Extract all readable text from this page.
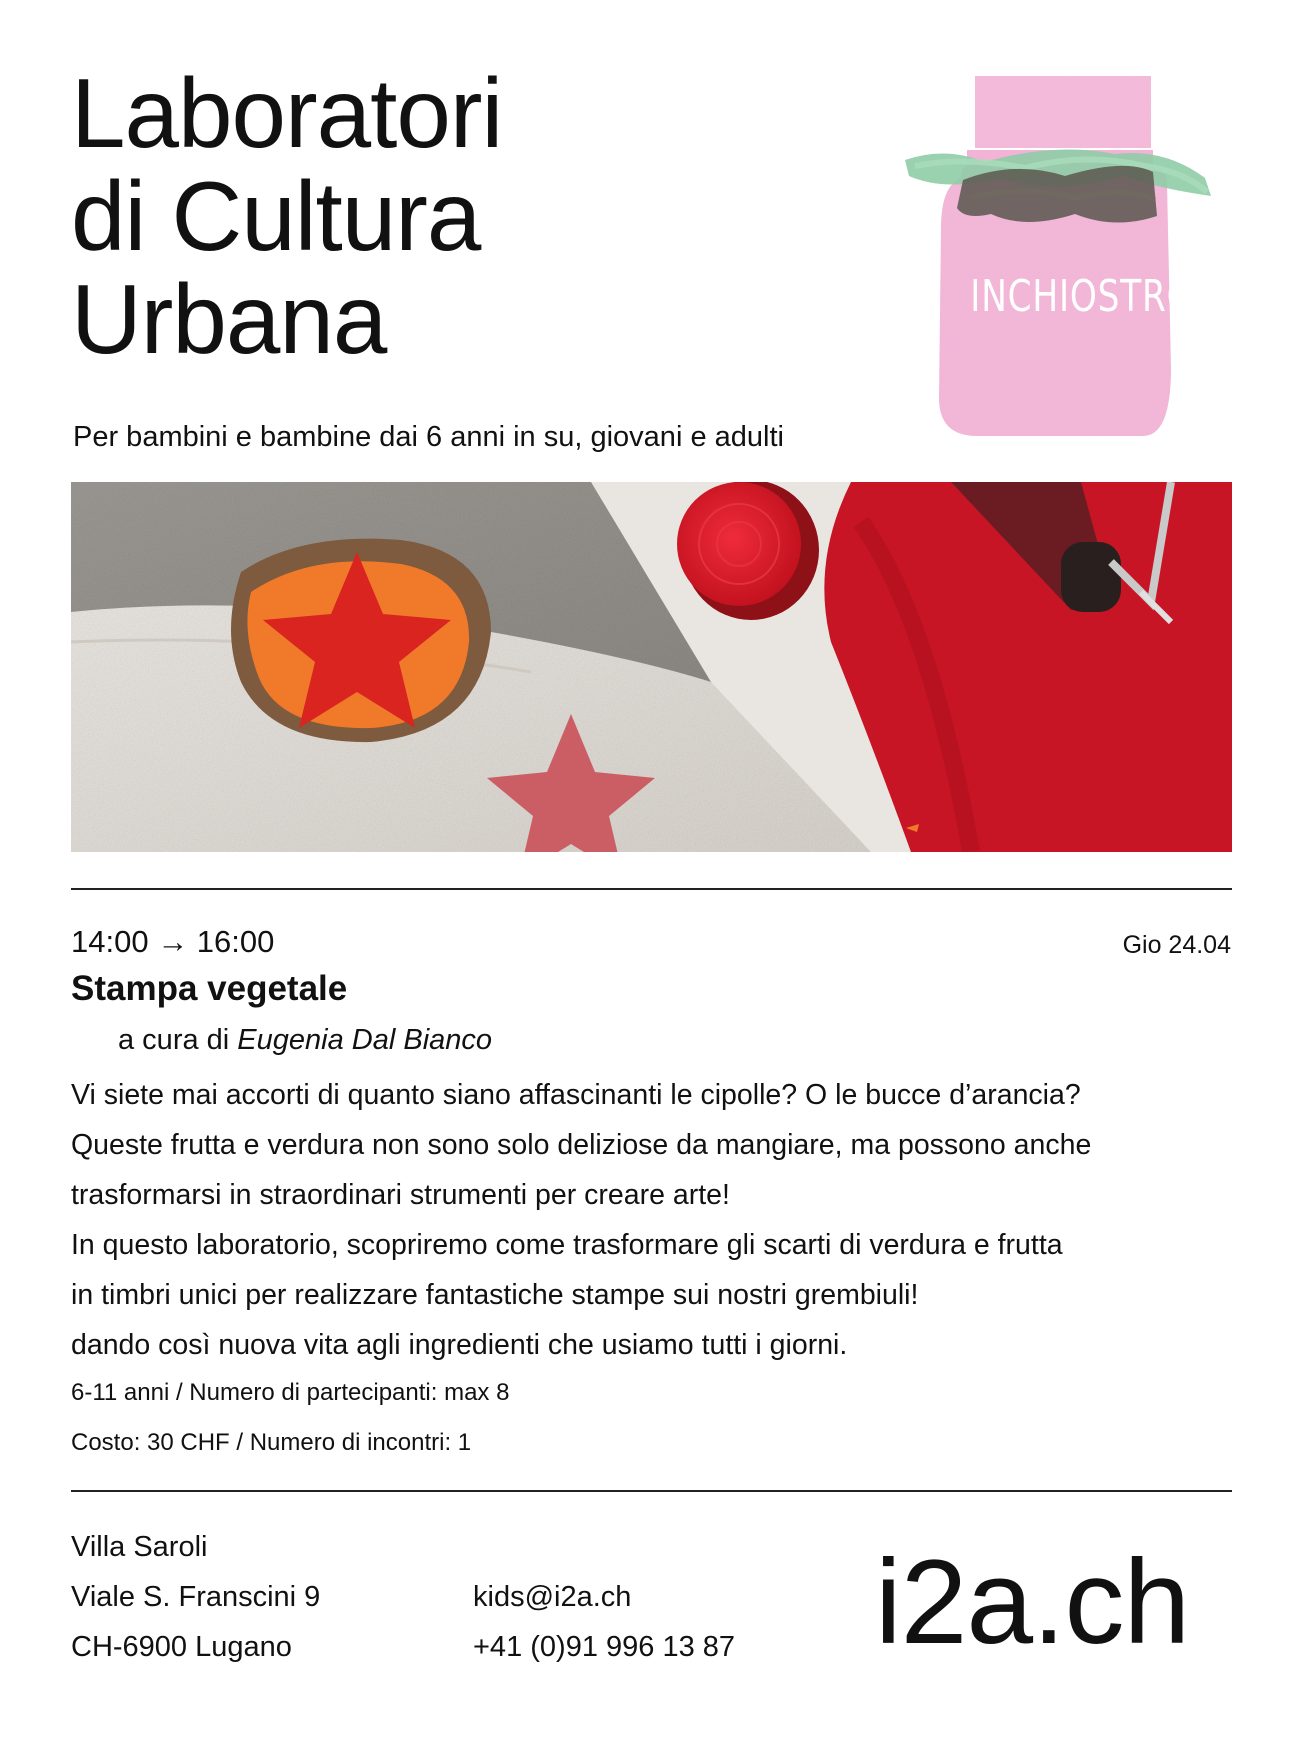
Laboratori
di Cultura
Urbana	INCHIOSTRO
Per bambini e bambine dai 6 anni in su, giovani e adulti
14:00 → 16:00	Gio 24.04
Stampa vegetale
a cura di Eugenia Dal Bianco

Vi siete mai accorti di quanto siano affascinanti le cipolle? O le bucce d’arancia?

Queste frutta e verdura non sono solo deliziose da mangiare, ma possono anche

trasformarsi in straordinari strumenti per creare arte!

In questo laboratorio, scopriremo come trasformare gli scarti di verdura e frutta

in timbri unici per realizzare fantastiche stampe sui nostri grembiuli!

dando così nuova vita agli ingredienti che usiamo tutti i giorni.

6-11 anni / Numero di partecipanti: max 8
Costo: 30 CHF / Numero di incontri: 1
Villa Saroli
Viale S. Franscini 9
CH-6900 Lugano
kids@i2a.ch
+41 (0)91 996 13 87 i2a.ch
